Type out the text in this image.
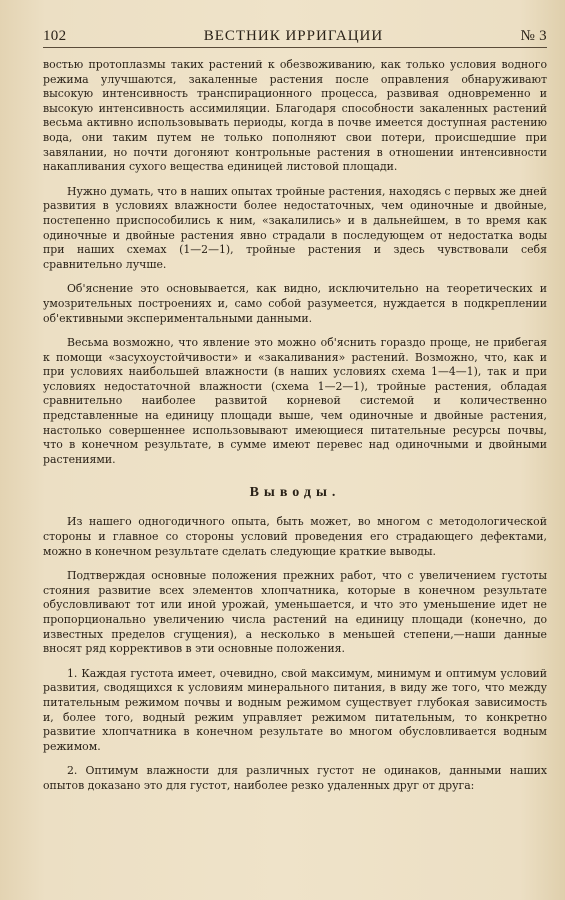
102	ВЕСТНИК ИРРИГАЦИИ	№ 3

востью протоплазмы таких растений к обезвоживанию, как только условия водного режима улучшаются, закаленные растения после оправления обнаруживают высокую интенсивность транспирационного процесса, развивая одновременно и высокую интенсивность ассимиляции. Благодаря способности закаленных растений весьма активно использовывать периоды, когда в почве имеется доступная растению вода, они таким путем не только пополняют свои потери, происшедшие при завялании, но почти догоняют контрольные растения в отношении интенсивности накапливания сухого вещества единицей листовой площади.

Нужно думать, что в наших опытах тройные растения, находясь с первых же дней развития в условиях влажности более недостаточных, чем одиночные и двойные, постепенно приспособились к ним, «закалились» и в дальнейшем, в то время как одиночные и двойные растения явно страдали в последующем от недостатка воды при наших схемах (1—2—1), тройные растения и здесь чувствовали себя сравнительно лучше.

Об'яснение это основывается, как видно, исключительно на теоретических и умозрительных построениях и, само собой разумеется, нуждается в подкреплении об'ективными экспериментальными данными.

Весьма возможно, что явление это можно об'яснить гораздо проще, не прибегая к помощи «засухоустойчивости» и «закаливания» растений. Возможно, что, как и при условиях наибольшей влажности (в наших условиях схема 1—4—1), так и при условиях недостаточной влажности (схема 1—2—1), тройные растения, обладая сравнительно наиболее развитой корневой системой и количественно представленные на единицу площади выше, чем одиночные и двойные растения, настолько совершеннее использовывают имеющиеся питательные ресурсы почвы, что в конечном результате, в сумме имеют перевес над одиночными и двойными растениями.

Выводы.

Из нашего одногодичного опыта, быть может, во многом с методологической стороны и главное со стороны условий проведения его страдающего дефектами, можно в конечном результате сделать следующие краткие выводы.

Подтверждая основные положения прежних работ, что с увеличением густоты стояния развитие всех элементов хлопчатника, которые в конечном результате обусловливают тот или иной урожай, уменьшается, и что это уменьшение идет не пропорционально увеличению числа растений на единицу площади (конечно, до известных пределов сгущения), а несколько в меньшей степени,—наши данные вносят ряд коррективов в эти основные положения.

1. Каждая густота имеет, очевидно, свой максимум, минимум и оптимум условий развития, сводящихся к условиям минерального питания, в виду же того, что между питательным режимом почвы и водным режимом существует глубокая зависимость и, более того, водный режим управляет режимом питательным, то конкретно развитие хлопчатника в конечном результате во многом обусловливается водным режимом.

2. Оптимум влажности для различных густот не одинаков, данными наших опытов доказано это для густот, наиболее резко удаленных друг от друга:
